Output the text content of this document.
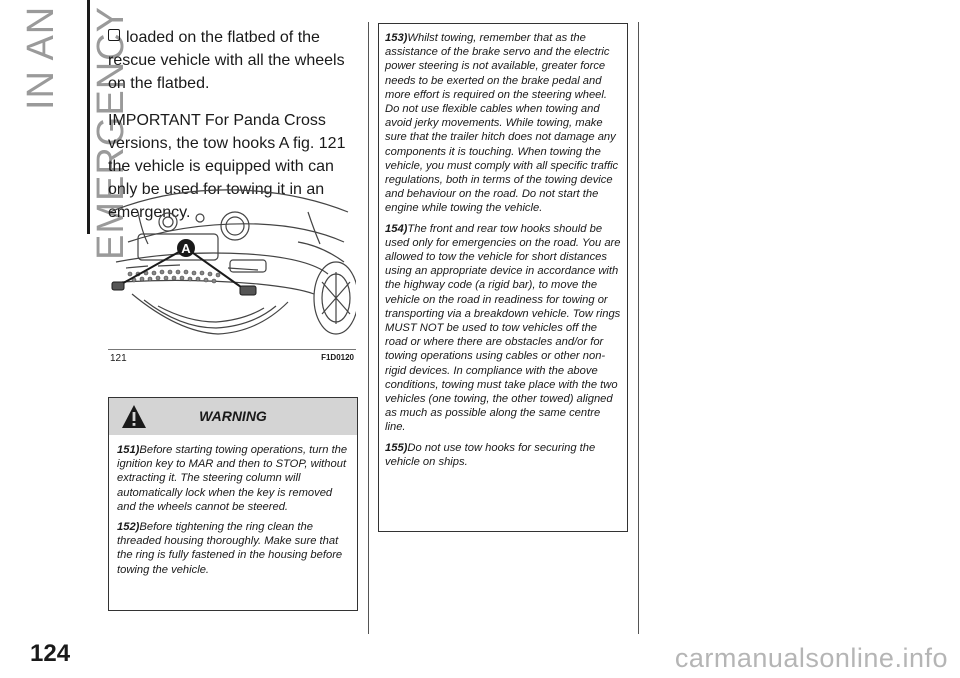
IN AN EMERGENCY

loaded on the flatbed of the rescue vehicle with all the wheels on the flatbed.

IMPORTANT For Panda Cross versions, the tow hooks A fig. 121 the vehicle is equipped with can only be used for towing it in an emergency.

A
121	F1D0120
WARNING

151)Before starting towing operations, turn the ignition key to MAR and then to STOP, without extracting it. The steering column will automatically lock when the key is removed and the wheels cannot be steered.

152)Before tightening the ring clean the threaded housing thoroughly. Make sure that the ring is fully fastened in the housing before towing the vehicle.

153)Whilst towing, remember that as the assistance of the brake servo and the electric power steering is not available, greater force needs to be exerted on the brake pedal and more effort is required on the steering wheel. Do not use flexible cables when towing and avoid jerky movements. While towing, make sure that the trailer hitch does not damage any components it is touching. When towing the vehicle, you must comply with all specific traffic regulations, both in terms of the towing device and behaviour on the road. Do not start the engine while towing the vehicle.

154)The front and rear tow hooks should be used only for emergencies on the road. You are allowed to tow the vehicle for short distances using an appropriate device in accordance with the highway code (a rigid bar), to move the vehicle on the road in readiness for towing or transporting via a breakdown vehicle. Tow rings MUST NOT be used to tow vehicles off the road or where there are obstacles and/or for towing operations using cables or other non-rigid devices. In compliance with the above conditions, towing must take place with the two vehicles (one towing, the other towed) aligned as much as possible along the same centre line.

155)Do not use tow hooks for securing the vehicle on ships.

124	carmanualsonline.info
